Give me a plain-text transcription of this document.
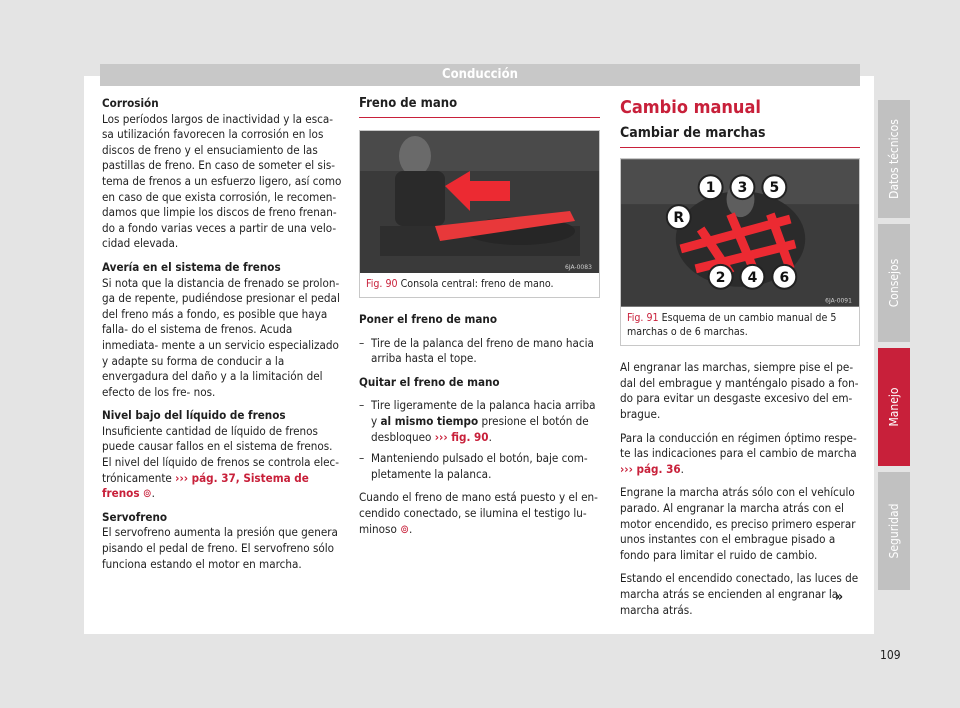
Conducción

Corrosión
Los períodos largos de inactividad y la esca- sa utilización favorecen la corrosión en los discos de freno y el ensuciamiento de las pastillas de freno. En caso de someter el sis- tema de frenos a un esfuerzo ligero, así como en caso de que exista corrosión, le recomen- damos que limpie los discos de freno frenan- do a fondo varias veces a partir de una velo- cidad elevada.

Avería en el sistema de frenos
Si nota que la distancia de frenado se prolon- ga de repente, pudiéndose presionar el pedal del freno más a fondo, es posible que haya falla- do el sistema de frenos. Acuda inmediata- mente a un servicio especializado y adapte su forma de conducir a la envergadura del daño y a la limitación del efecto de los fre- nos.

Nivel bajo del líquido de frenos
Insuficiente cantidad de líquido de frenos puede causar fallos en el sistema de frenos. El nivel del líquido de frenos se controla elec- trónicamente ››› pág. 37, Sistema de frenos ⊚.

Servofreno
El servofreno aumenta la presión que genera pisando el pedal de freno. El servofreno sólo funciona estando el motor en marcha.

Freno de mano
6JA-0083
Fig. 90 Consola central: freno de mano.

Poner el freno de mano

– Tire de la palanca del freno de mano hacia arriba hasta el tope.

Quitar el freno de mano

– Tire ligeramente de la palanca hacia arriba y al mismo tiempo presione el botón de desbloqueo ››› fig. 90.
– Manteniendo pulsado el botón, baje com- pletamente la palanca.

Cuando el freno de mano está puesto y el en- cendido conectado, se ilumina el testigo lu- minoso ⊚.

Cambio manual
Cambiar de marchas
1 3 5
R
2 4 6
6JA-0091
Fig. 91 Esquema de un cambio manual de 5 marchas o de 6 marchas.

Al engranar las marchas, siempre pise el pe- dal del embrague y manténgalo pisado a fon- do para evitar un desgaste excesivo del em- brague.

Para la conducción en régimen óptimo respe- te las indicaciones para el cambio de marcha ››› pág. 36.

Engrane la marcha atrás sólo con el vehículo parado. Al engranar la marcha atrás con el motor encendido, es preciso primero esperar unos instantes con el embrague pisado a fondo para limitar el ruido de cambio.

Estando el encendido conectado, las luces de marcha atrás se encienden al engranar la marcha atrás.

»
Datos técnicos
Consejos
Manejo
Seguridad
109
